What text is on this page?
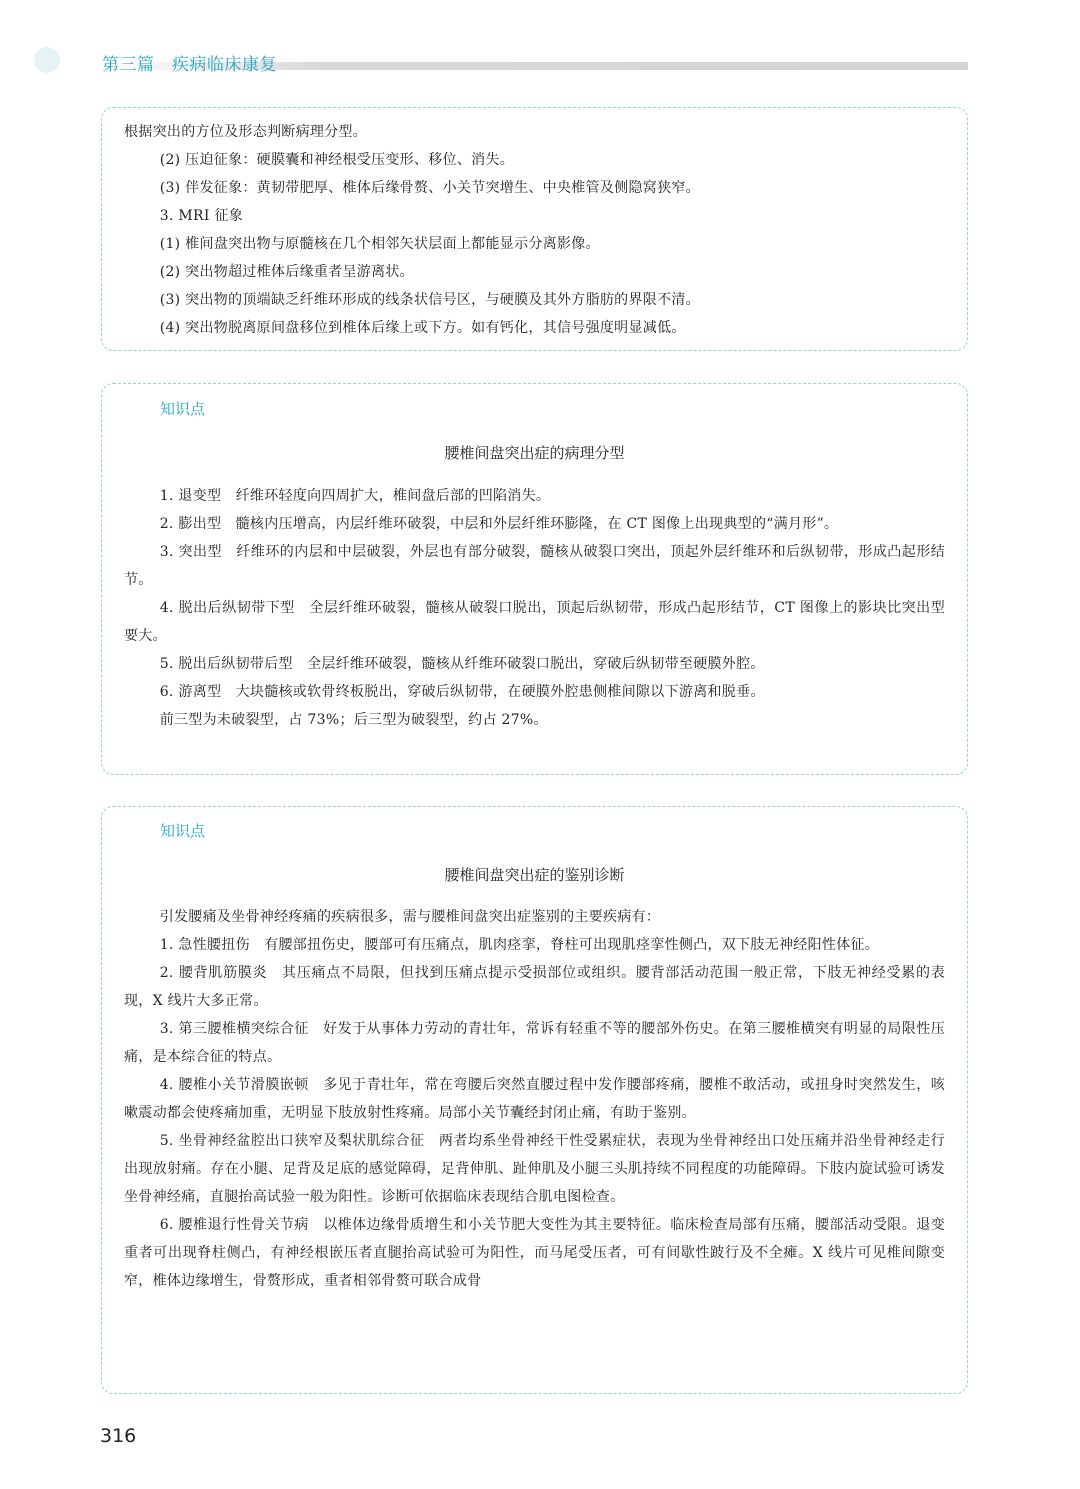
第三篇　疾病临床康复

根据突出的方位及形态判断病理分型。

(2) 压迫征象：硬膜囊和神经根受压变形、移位、消失。

(3) 伴发征象：黄韧带肥厚、椎体后缘骨赘、小关节突增生、中央椎管及侧隐窝狭窄。

3. MRI 征象

(1) 椎间盘突出物与原髓核在几个相邻矢状层面上都能显示分离影像。

(2) 突出物超过椎体后缘重者呈游离状。

(3) 突出物的顶端缺乏纤维环形成的线条状信号区，与硬膜及其外方脂肪的界限不清。

(4) 突出物脱离原间盘移位到椎体后缘上或下方。如有钙化，其信号强度明显减低。

知识点
腰椎间盘突出症的病理分型

1. 退变型　纤维环轻度向四周扩大，椎间盘后部的凹陷消失。

2. 膨出型　髓核内压增高，内层纤维环破裂，中层和外层纤维环膨隆，在 CT 图像上出现典型的“满月形”。

3. 突出型　纤维环的内层和中层破裂，外层也有部分破裂，髓核从破裂口突出，顶起外层纤维环和后纵韧带，形成凸起形结节。

4. 脱出后纵韧带下型　全层纤维环破裂，髓核从破裂口脱出，顶起后纵韧带，形成凸起形结节，CT 图像上的影块比突出型要大。

5. 脱出后纵韧带后型　全层纤维环破裂，髓核从纤维环破裂口脱出，穿破后纵韧带至硬膜外腔。

6. 游离型　大块髓核或软骨终板脱出，穿破后纵韧带，在硬膜外腔患侧椎间隙以下游离和脱垂。

前三型为未破裂型，占 73%；后三型为破裂型，约占 27%。

知识点
腰椎间盘突出症的鉴别诊断

引发腰痛及坐骨神经疼痛的疾病很多，需与腰椎间盘突出症鉴别的主要疾病有：

1. 急性腰扭伤　有腰部扭伤史，腰部可有压痛点，肌肉痉挛，脊柱可出现肌痉挛性侧凸，双下肢无神经阳性体征。

2. 腰背肌筋膜炎　其压痛点不局限，但找到压痛点提示受损部位或组织。腰背部活动范围一般正常，下肢无神经受累的表现，X 线片大多正常。

3. 第三腰椎横突综合征　好发于从事体力劳动的青壮年，常诉有轻重不等的腰部外伤史。在第三腰椎横突有明显的局限性压痛，是本综合征的特点。

4. 腰椎小关节滑膜嵌顿　多见于青壮年，常在弯腰后突然直腰过程中发作腰部疼痛，腰椎不敢活动，或扭身时突然发生，咳嗽震动都会使疼痛加重，无明显下肢放射性疼痛。局部小关节囊经封闭止痛，有助于鉴别。

5. 坐骨神经盆腔出口狭窄及梨状肌综合征　两者均系坐骨神经干性受累症状，表现为坐骨神经出口处压痛并沿坐骨神经走行出现放射痛。存在小腿、足背及足底的感觉障碍，足背伸肌、趾伸肌及小腿三头肌持续不同程度的功能障碍。下肢内旋试验可诱发坐骨神经痛，直腿抬高试验一般为阳性。诊断可依据临床表现结合肌电图检查。

6. 腰椎退行性骨关节病　以椎体边缘骨质增生和小关节肥大变性为其主要特征。临床检查局部有压痛，腰部活动受限。退变重者可出现脊柱侧凸，有神经根嵌压者直腿抬高试验可为阳性，而马尾受压者，可有间歇性跛行及不全瘫。X 线片可见椎间隙变窄，椎体边缘增生，骨赘形成，重者相邻骨赘可联合成骨

316
